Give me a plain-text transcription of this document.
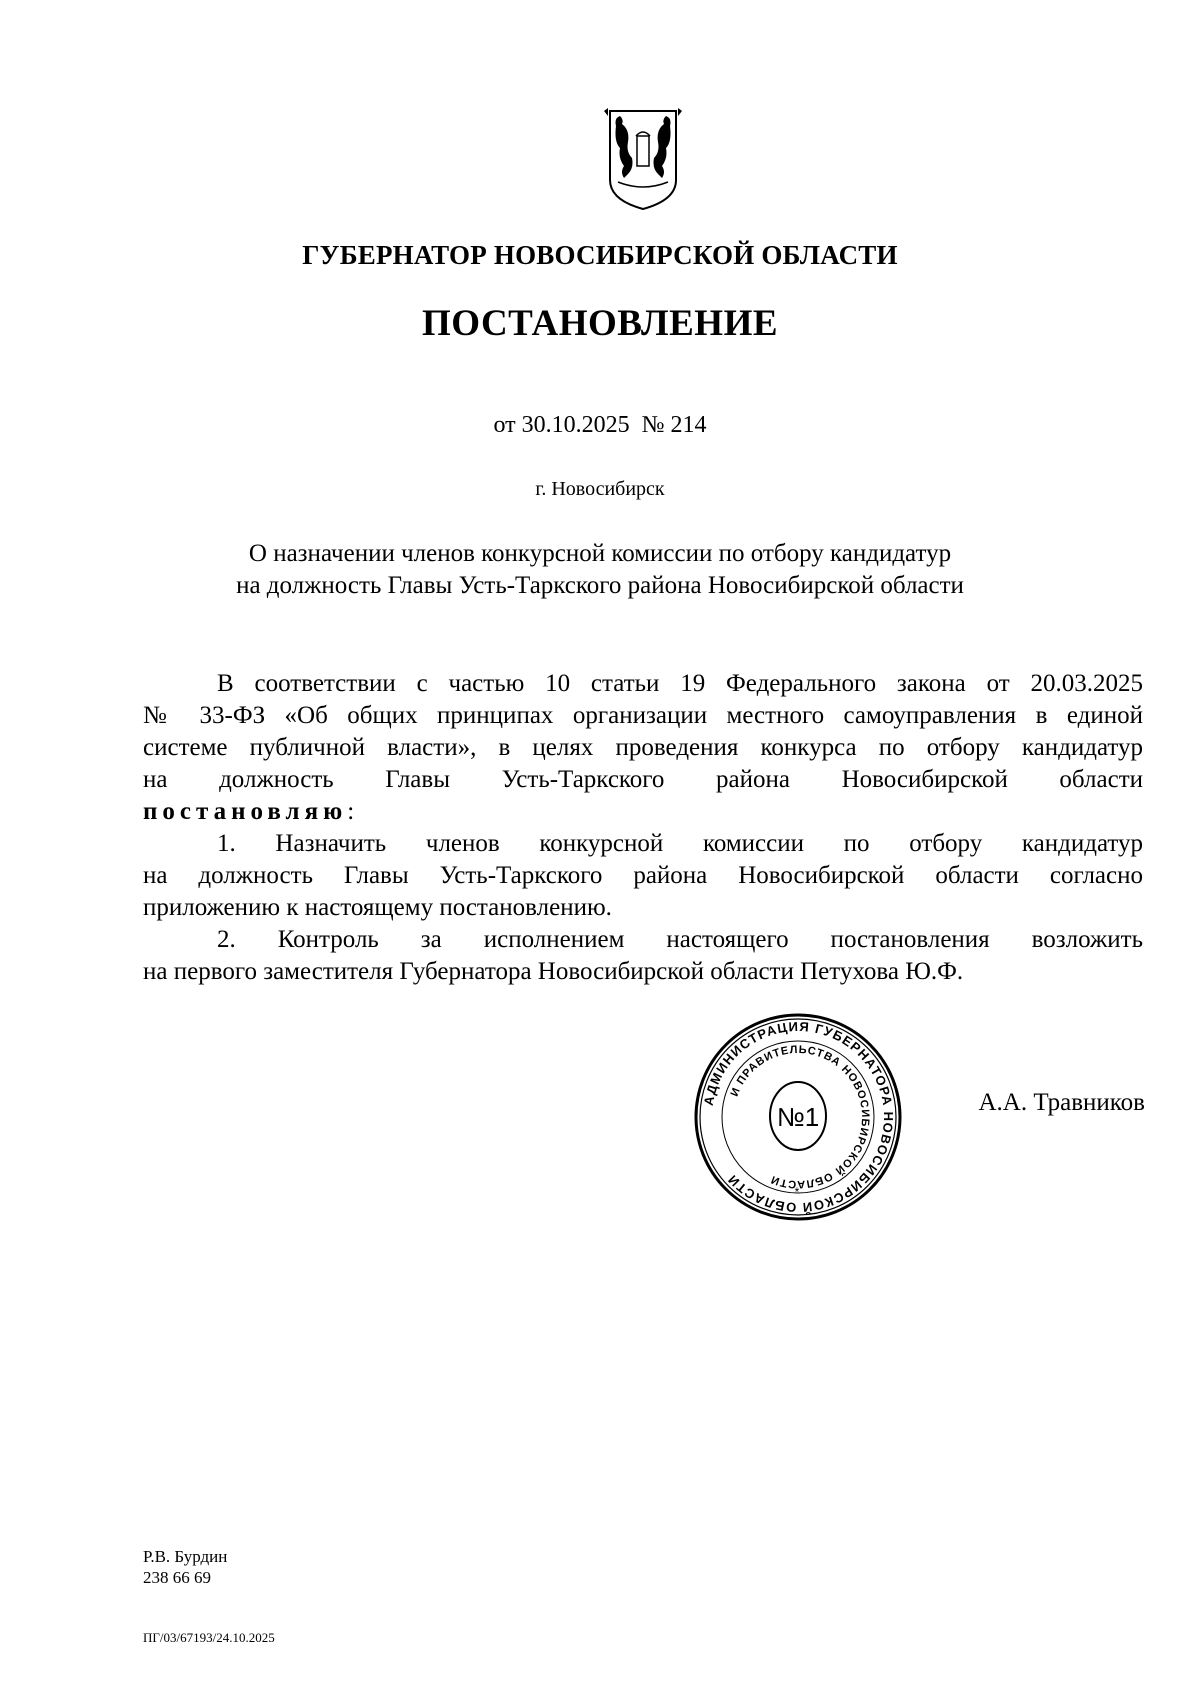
ГУБЕРНАТОР НОВОСИБИРСКОЙ ОБЛАСТИ
ПОСТАНОВЛЕНИЕ
от 30.10.2025  № 214
г. Новосибирск
О назначении членов конкурсной комиссии по отбору кандидатур
на должность Главы Усть-Таркского района Новосибирской области

В соответствии с частью 10 статьи 19 Федерального закона от 20.03.2025

№ 33-ФЗ «Об общих принципах организации местного самоуправления в единой

системе публичной власти», в целях проведения конкурса по отбору кандидатур

на должность Главы Усть-Таркского района Новосибирской области

постановляю:

1. Назначить членов конкурсной комиссии по отбору кандидатур

на должность Главы Усть-Таркского района Новосибирской области согласно

приложению к настоящему постановлению.

2. Контроль за исполнением настоящего постановления возложить

на первого заместителя Губернатора Новосибирской области Петухова Ю.Ф.

АДМИНИСТРАЦИЯ ГУБЕРНАТОРА НОВОСИБИРСКОЙ ОБЛАСТИ
И ПРАВИТЕЛЬСТВА НОВОСИБИРСКОЙ ОБЛАСТИ
№1
*
А.А. Травников
Р.В. Бурдин
238 66 69
ПГ/03/67193/24.10.2025
